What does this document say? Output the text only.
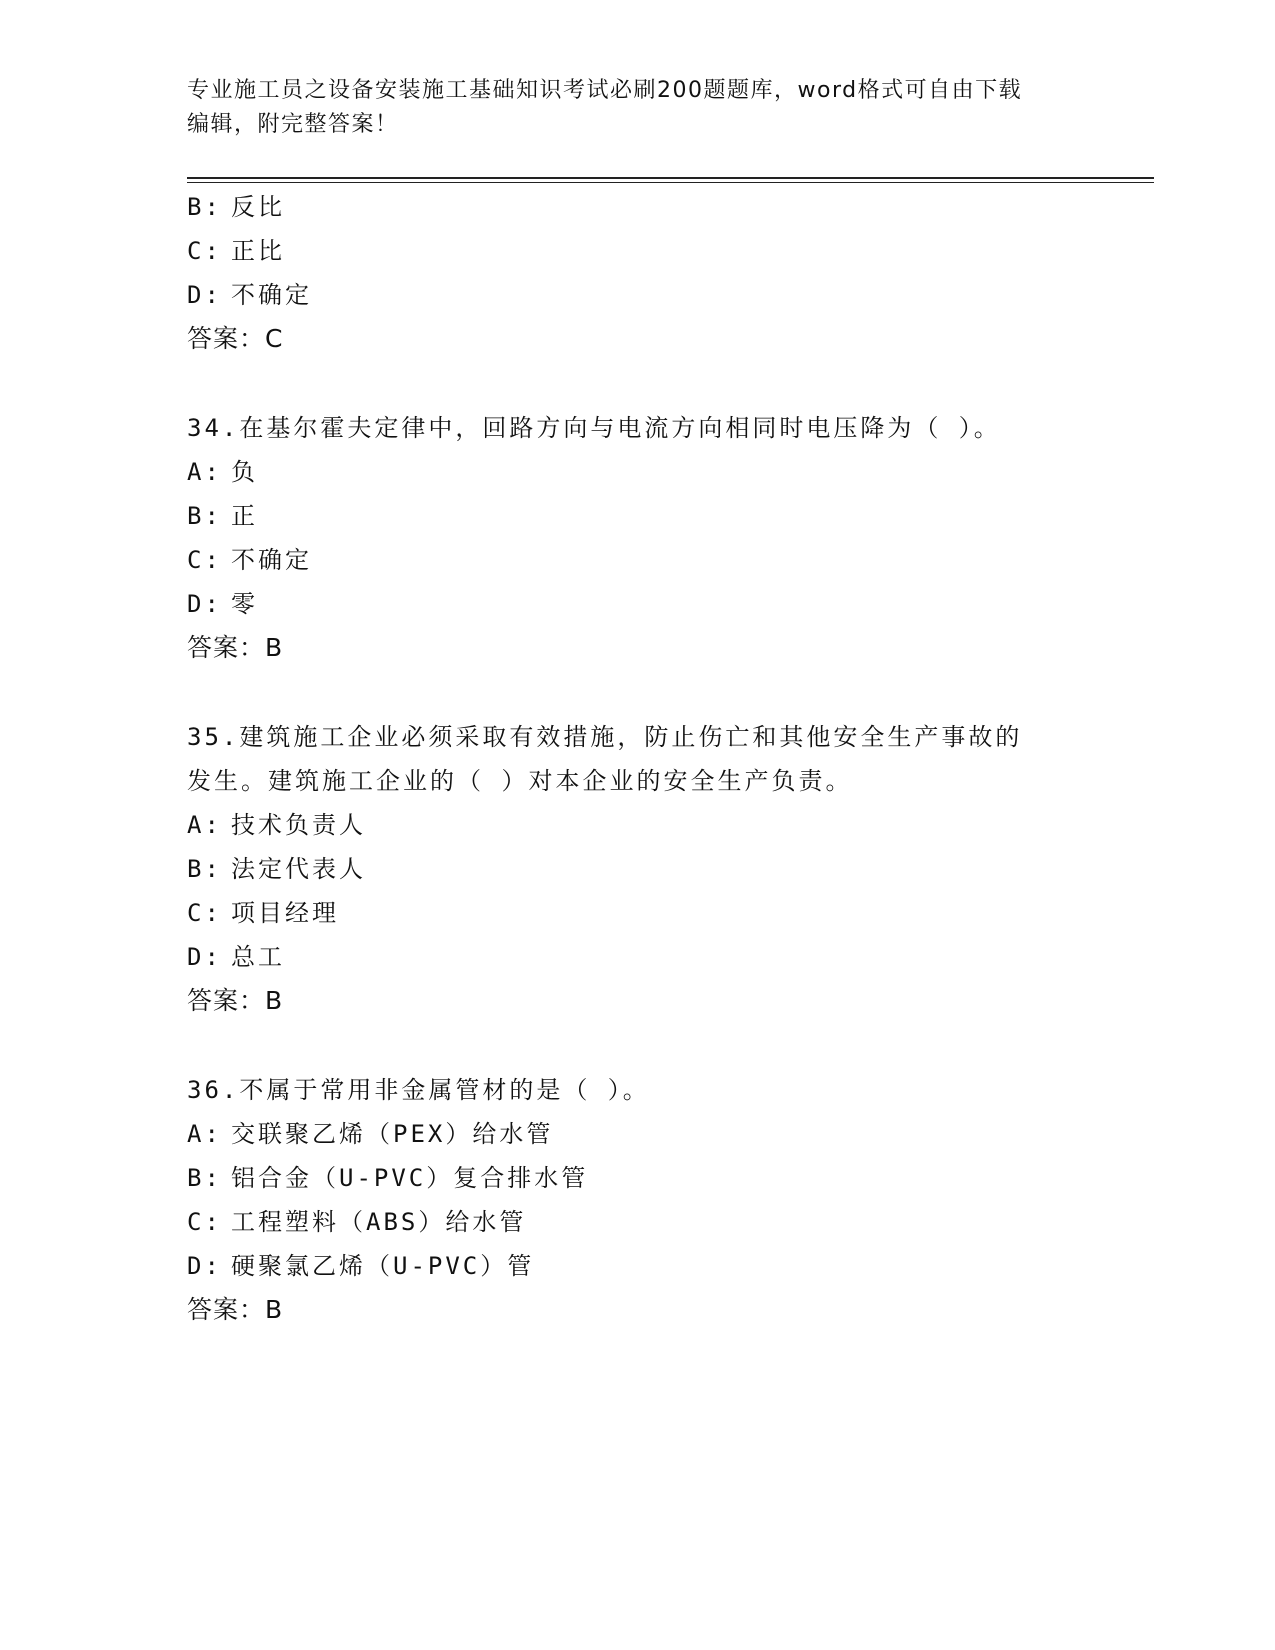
专业施工员之设备安装施工基础知识考试必刷200题题库，word格式可自由下载
编辑，附完整答案！
B: 反比
C: 正比
D: 不确定
答案：C
34.在基尔霍夫定律中，回路方向与电流方向相同时电压降为（ ）。
A: 负
B: 正
C: 不确定
D: 零
答案：B
35.建筑施工企业必须采取有效措施，防止伤亡和其他安全生产事故的
发生。建筑施工企业的（ ）对本企业的安全生产负责。
A: 技术负责人
B: 法定代表人
C: 项目经理
D: 总工
答案：B
36.不属于常用非金属管材的是（ ）。
A: 交联聚乙烯（PEX）给水管
B: 铝合金（U-PVC）复合排水管
C: 工程塑料（ABS）给水管
D: 硬聚氯乙烯（U-PVC）管
答案：B
